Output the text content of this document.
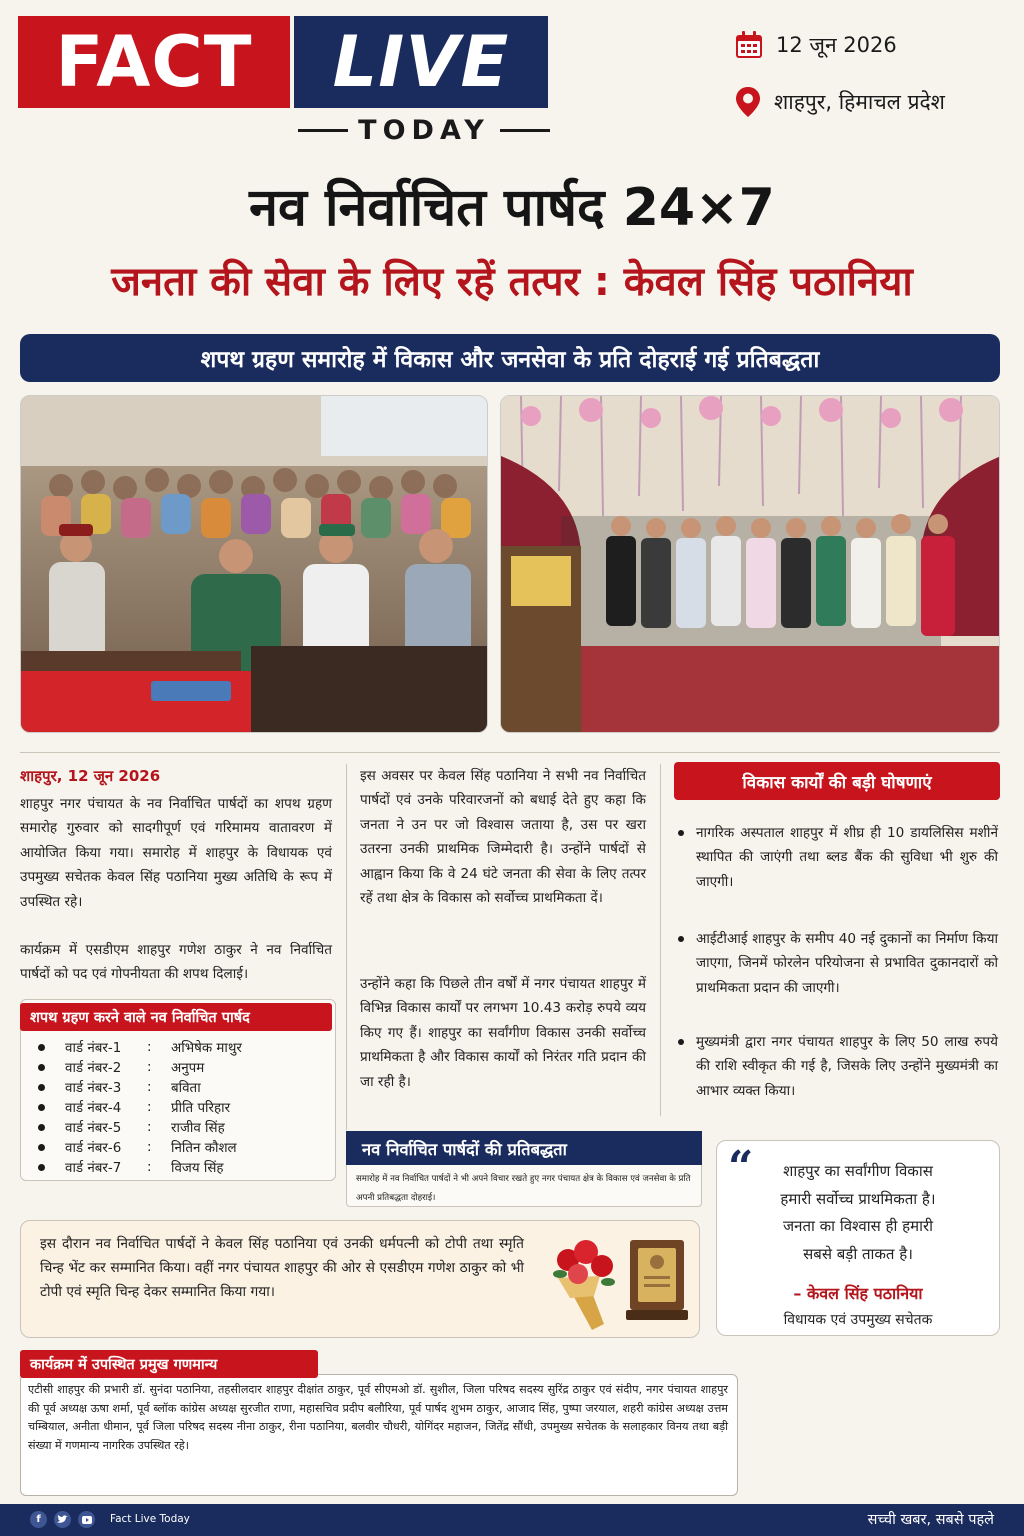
FACT	LIVE
TODAY
12 जून 2026
शाहपुर, हिमाचल प्रदेश
नव निर्वाचित पार्षद 24×7
जनता की सेवा के लिए रहें तत्पर : केवल सिंह पठानिया
शपथ ग्रहण समारोह में विकास और जनसेवा के प्रति दोहराई गई प्रतिबद्धता
शाहपुर, 12 जून 2026
शाहपुर नगर पंचायत के नव निर्वाचित पार्षदों का शपथ ग्रहण समारोह गुरुवार को सादगीपूर्ण एवं गरिमामय वातावरण में आयोजित किया गया। समारोह में शाहपुर के विधायक एवं उपमुख्य सचेतक केवल सिंह पठानिया मुख्य अतिथि के रूप में उपस्थित रहे।
कार्यक्रम में एसडीएम शाहपुर गणेश ठाकुर ने नव निर्वाचित पार्षदों को पद एवं गोपनीयता की शपथ दिलाई।
शपथ ग्रहण करने वाले नव निर्वाचित पार्षद
वार्ड नंबर-1	:	अभिषेक माथुर
वार्ड नंबर-2	:	अनुपम
वार्ड नंबर-3	:	बविता
वार्ड नंबर-4	:	प्रीति परिहार
वार्ड नंबर-5	:	राजीव सिंह
वार्ड नंबर-6	:	नितिन कौशल
वार्ड नंबर-7	:	विजय सिंह
इस अवसर पर केवल सिंह पठानिया ने सभी नव निर्वाचित पार्षदों एवं उनके परिवारजनों को बधाई देते हुए कहा कि जनता ने उन पर जो विश्वास जताया है, उस पर खरा उतरना उनकी प्राथमिक जिम्मेदारी है। उन्होंने पार्षदों से आह्वान किया कि वे 24 घंटे जनता की सेवा के लिए तत्पर रहें तथा क्षेत्र के विकास को सर्वोच्च प्राथमिकता दें।
उन्होंने कहा कि पिछले तीन वर्षों में नगर पंचायत शाहपुर में विभिन्न विकास कार्यों पर लगभग 10.43 करोड़ रुपये व्यय किए गए हैं। शाहपुर का सर्वांगीण विकास उनकी सर्वोच्च प्राथमिकता है और विकास कार्यों को निरंतर गति प्रदान की जा रही है।
विकास कार्यों की बड़ी घोषणाएं
नागरिक अस्पताल शाहपुर में शीघ्र ही 10 डायलिसिस मशीनें स्थापित की जाएंगी तथा ब्लड बैंक की सुविधा भी शुरु की जाएगी।
आईटीआई शाहपुर के समीप 40 नई दुकानों का निर्माण किया जाएगा, जिनमें फोरलेन परियोजना से प्रभावित दुकानदारों को प्राथमिकता प्रदान की जाएगी।
मुख्यमंत्री द्वारा नगर पंचायत शाहपुर के लिए 50 लाख रुपये की राशि स्वीकृत की गई है, जिसके लिए उन्होंने मुख्यमंत्री का आभार व्यक्त किया।
नव निर्वाचित पार्षदों की प्रतिबद्धता
समारोह में नव निर्वाचित पार्षदों ने भी अपने विचार रखते हुए नगर पंचायत क्षेत्र के विकास एवं जनसेवा के प्रति अपनी प्रतिबद्धता दोहराई।
“	शाहपुर का सर्वांगीण विकास
हमारी सर्वोच्च प्राथमिकता है।
जनता का विश्वास ही हमारी
सबसे बड़ी ताकत है।
– केवल सिंह पठानिया
विधायक एवं उपमुख्य सचेतक
इस दौरान नव निर्वाचित पार्षदों ने केवल सिंह पठानिया एवं उनकी धर्मपत्नी को टोपी तथा स्मृति चिन्ह भेंट कर सम्मानित किया। वहीं नगर पंचायत शाहपुर की ओर से एसडीएम गणेश ठाकुर को भी टोपी एवं स्मृति चिन्ह देकर सम्मानित किया गया।
कार्यक्रम में उपस्थित प्रमुख गणमान्य
एटीसी शाहपुर की प्रभारी डॉ. सुनंदा पठानिया, तहसीलदार शाहपुर दीक्षांत ठाकुर, पूर्व सीएमओ डॉ. सुशील, जिला परिषद सदस्य सुरिंद्र ठाकुर एवं संदीप, नगर पंचायत शाहपुर की पूर्व अध्यक्ष ऊषा शर्मा, पूर्व ब्लॉक कांग्रेस अध्यक्ष सुरजीत राणा, महासचिव प्रदीप बलौरिया, पूर्व पार्षद शुभम ठाकुर, आजाद सिंह, पुष्पा जरयाल, शहरी कांग्रेस अध्यक्ष उत्तम चम्बियाल, अनीता धीमान, पूर्व जिला परिषद सदस्य नीना ठाकुर, रीना पठानिया, बलवीर चौधरी, योगिंदर महाजन, जितेंद्र सौंधी, उपमुख्य सचेतक के सलाहकार विनय तथा बड़ी संख्या में गणमान्य नागरिक उपस्थित रहे।
f	Fact Live Today	सच्ची खबर, सबसे पहले
